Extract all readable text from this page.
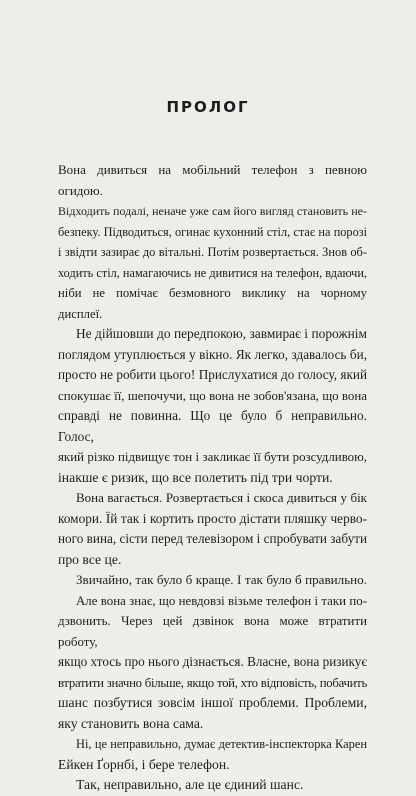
ПРОЛОГ
Вона дивиться на мобільний телефон з певною огидою.
Відходить подалі, неначе уже сам його вигляд становить не-
безпеку. Підводиться, огинає кухонний стіл, стає на порозі
і звідти зазирає до вітальні. Потім розвертається. Знов об-
ходить стіл, намагаючись не дивитися на телефон, вдаючи,
ніби не помічає безмовного виклику на чорному дисплеї.
Не дійшовши до передпокою, завмирає і порожнім
поглядом утуплюється у вікно. Як легко, здавалось би,
просто не робити цього! Прислухатися до голосу, який
спокушає її, шепочучи, що вона не зобов'язана, що вона
справді не повинна. Що це було б неправильно. Голос,
який різко підвищує тон і закликає її бути розсудливою,
інакше є ризик, що все полетить під три чорти.
Вона вагається. Розвертається і скоса дивиться у бік
комори. Їй так і кортить просто дістати пляшку черво-
ного вина, сісти перед телевізором і спробувати забути
про все це.
Звичайно, так було б краще. І так було б правильно.
Але вона знає, що невдовзі візьме телефон і таки по-
дзвонить. Через цей дзвінок вона може втратити роботу,
якщо хтось про нього дізнається. Власне, вона ризикує
втратити значно більше, якщо той, хто відповість, побачить
шанс позбутися зовсім іншої проблеми. Проблеми,
яку становить вона сама.
Ні, це неправильно, думає детектив-інспекторка Карен
Ейкен Ґорнбі, і бере телефон.
Так, неправильно, але це єдиний шанс.
